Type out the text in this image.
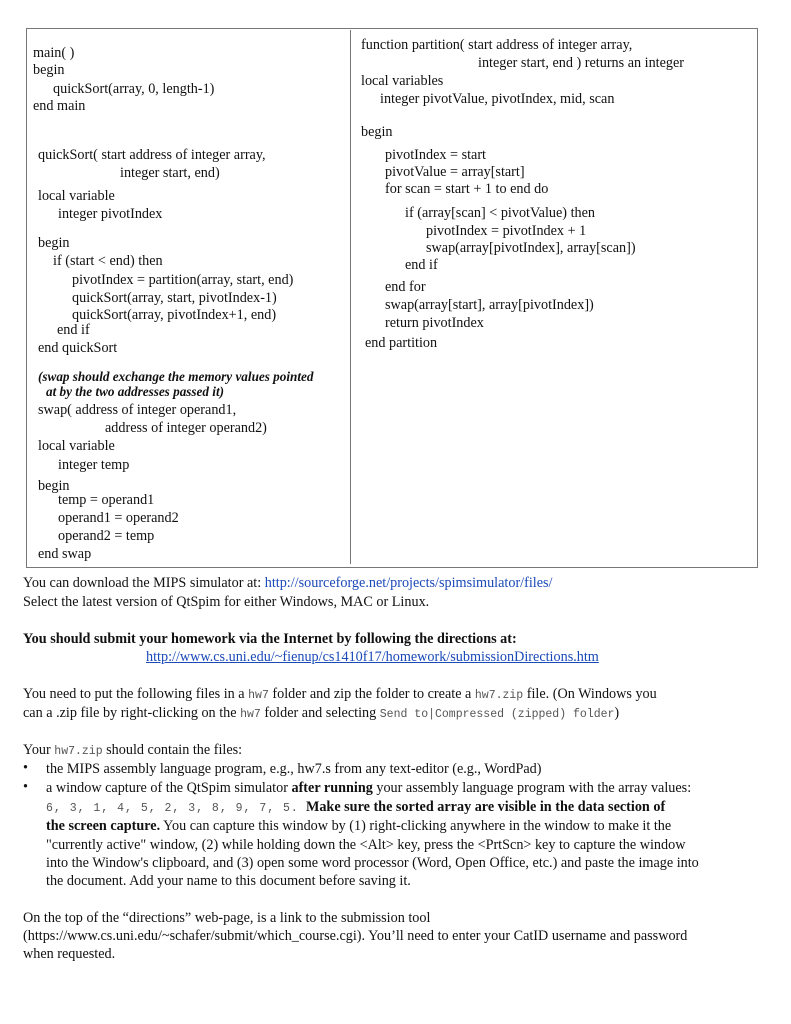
main( )
begin
quickSort(array, 0, length-1)
end main
quickSort( start address of integer array,
integer start, end)
local variable
integer pivotIndex
begin
if (start < end) then
pivotIndex = partition(array, start, end)
quickSort(array, start, pivotIndex-1)
quickSort(array, pivotIndex+1, end)
end if
end quickSort
(swap should exchange the memory values pointed
at by the two addresses passed it)
swap( address of integer operand1,
address of integer operand2)
local variable
integer temp
begin
temp = operand1
operand1 = operand2
operand2 = temp
end swap
function partition( start address of integer array,
integer start, end ) returns an integer
local variables
integer pivotValue, pivotIndex, mid, scan
begin
pivotIndex = start
pivotValue = array[start]
for scan = start + 1 to end do
if (array[scan] < pivotValue) then
pivotIndex = pivotIndex + 1
swap(array[pivotIndex], array[scan])
end if
end for
swap(array[start], array[pivotIndex])
return pivotIndex
end partition
You can download the MIPS simulator at: http://sourceforge.net/projects/spimsimulator/files/
Select the latest version of QtSpim for either Windows, MAC or Linux.
You should submit your homework via the Internet by following the directions at:
http://www.cs.uni.edu/~fienup/cs1410f17/homework/submissionDirections.htm
You need to put the following files in a hw7 folder and zip the folder to create a hw7.zip file. (On Windows you
can a .zip file by right-clicking on the hw7 folder and selecting Send to|Compressed (zipped) folder)
Your hw7.zip should contain the files:
• the MIPS assembly language program, e.g., hw7.s from any text-editor (e.g., WordPad)
• a window capture of the QtSpim simulator after running your assembly language program with the array values:
6, 3, 1, 4, 5, 2, 3, 8, 9, 7, 5. Make sure the sorted array are visible in the data section of
the screen capture. You can capture this window by (1) right-clicking anywhere in the window to make it the
"currently active" window, (2) while holding down the <Alt> key, press the <PrtScn> key to capture the window
into the Window's clipboard, and (3) open some word processor (Word, Open Office, etc.) and paste the image into
the document. Add your name to this document before saving it.
On the top of the “directions” web-page, is a link to the submission tool
(https://www.cs.uni.edu/~schafer/submit/which_course.cgi). You’ll need to enter your CatID username and password
when requested.
